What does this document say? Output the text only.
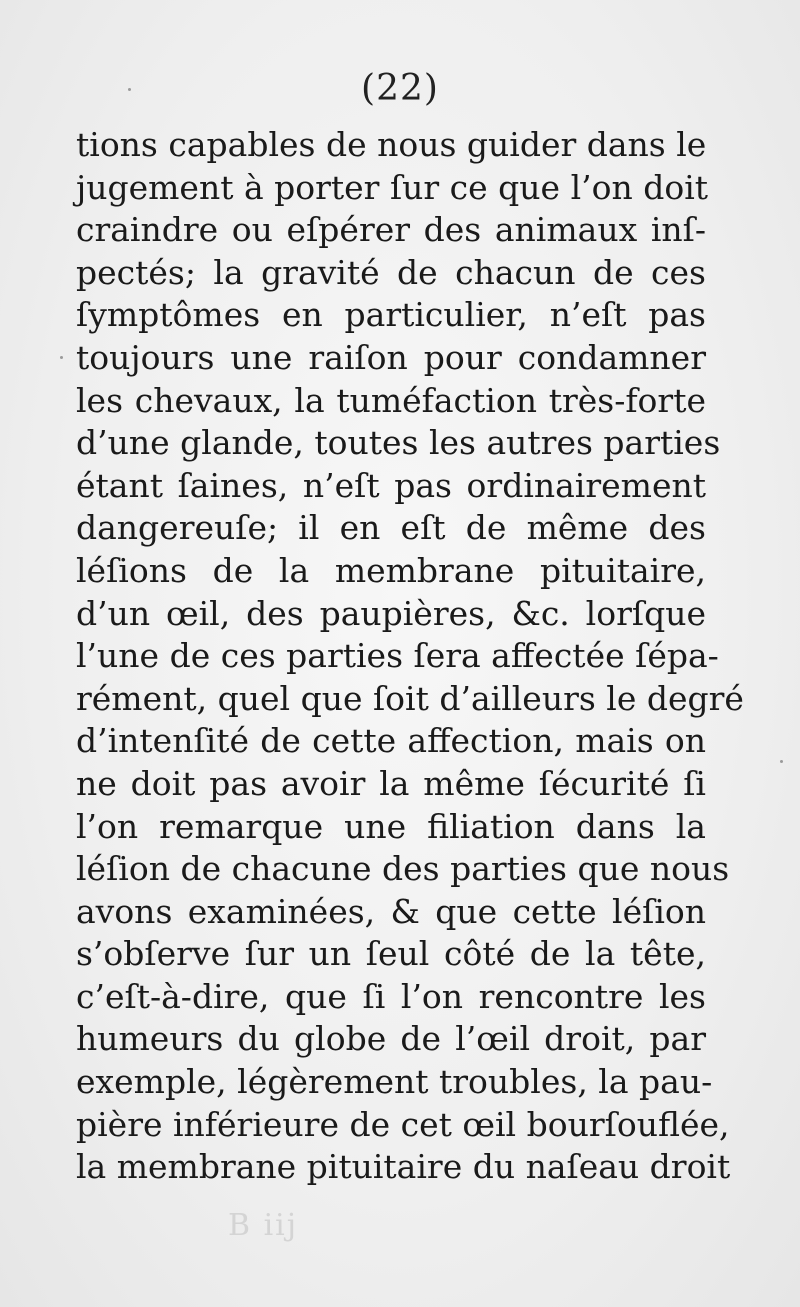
(22)
tions capables de nous guider dans le
jugement à porter ſur ce que l’on doit
craindre ou eſpérer des animaux inſ-
pectés; la gravité de chacun de ces
ſymptômes en particulier, n’eſt pas
toujours une raiſon pour condamner
les chevaux, la tuméfaction très-forte
d’une glande, toutes les autres parties
étant ſaines, n’eſt pas ordinairement
dangereuſe; il en eſt de même des
léſions de la membrane pituitaire,
d’un œil, des paupières, &c. lorſque
l’une de ces parties ſera affectée ſépa-
rément, quel que ſoit d’ailleurs le degré
d’intenſité de cette affection, mais on
ne doit pas avoir la même ſécurité ſi
l’on remarque une filiation dans la
léſion de chacune des parties que nous
avons examinées, & que cette léſion
s’obſerve ſur un ſeul côté de la tête,
c’eſt-à-dire, que ſi l’on rencontre les
humeurs du globe de l’œil droit, par
exemple, légèrement troubles, la pau-
pière inférieure de cet œil bourſouflée,
la membrane pituitaire du naſeau droit
B iij
